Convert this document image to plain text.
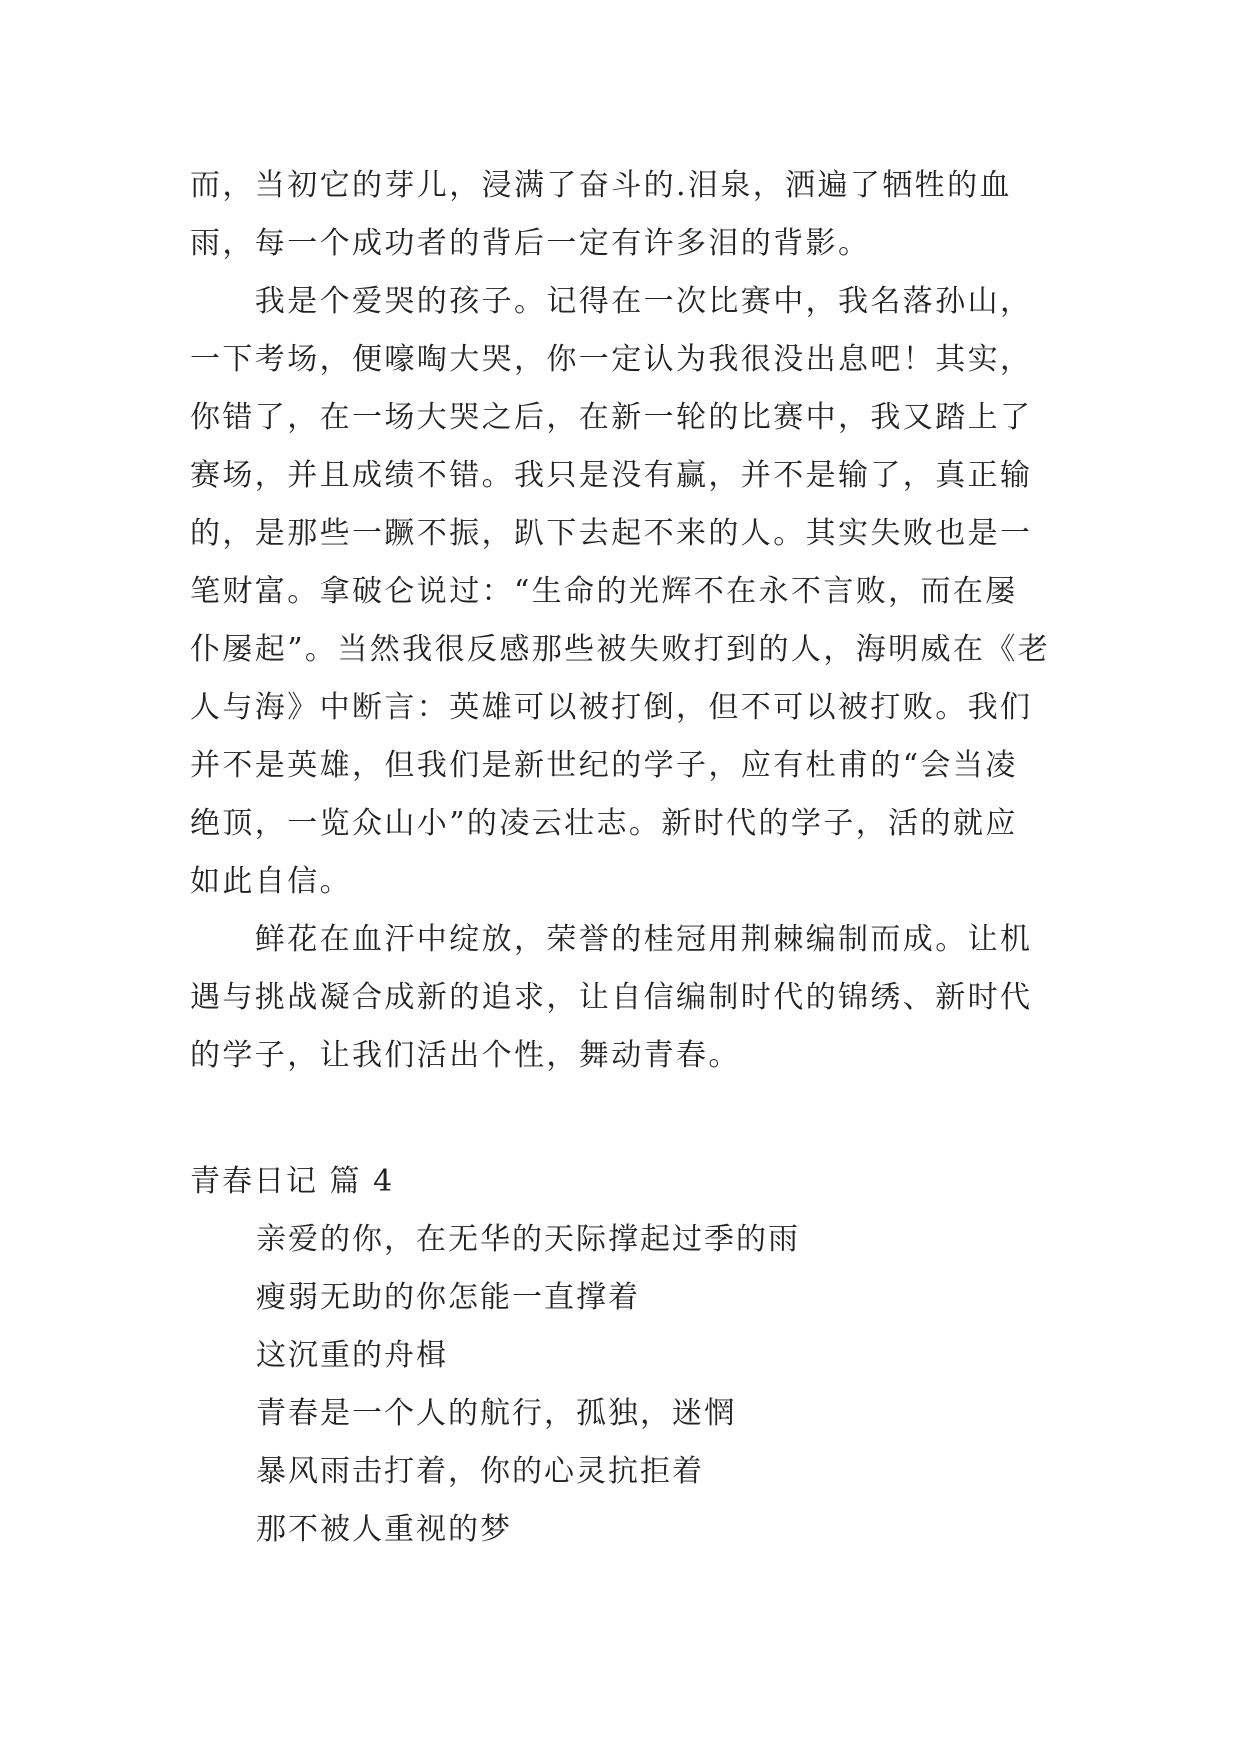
而，当初它的芽儿，浸满了奋斗的.泪泉，洒遍了牺牲的血
雨，每一个成功者的背后一定有许多泪的背影。
　　我是个爱哭的孩子。记得在一次比赛中，我名落孙山，
一下考场，便嚎啕大哭，你一定认为我很没出息吧！其实，
你错了，在一场大哭之后，在新一轮的比赛中，我又踏上了
赛场，并且成绩不错。我只是没有赢，并不是输了，真正输
的，是那些一蹶不振，趴下去起不来的人。其实失败也是一
笔财富。拿破仑说过：“生命的光辉不在永不言败，而在屡
仆屡起”。当然我很反感那些被失败打到的人，海明威在《老
人与海》中断言：英雄可以被打倒，但不可以被打败。我们
并不是英雄，但我们是新世纪的学子，应有杜甫的“会当凌
绝顶，一览众山小”的凌云壮志。新时代的学子，活的就应
如此自信。
　　鲜花在血汗中绽放，荣誉的桂冠用荆棘编制而成。让机
遇与挑战凝合成新的追求，让自信编制时代的锦绣、新时代
的学子，让我们活出个性，舞动青春。
青春日记 篇 4
亲爱的你，在无华的天际撑起过季的雨
瘦弱无助的你怎能一直撑着
这沉重的舟楫
青春是一个人的航行，孤独，迷惘
暴风雨击打着，你的心灵抗拒着
那不被人重视的梦
